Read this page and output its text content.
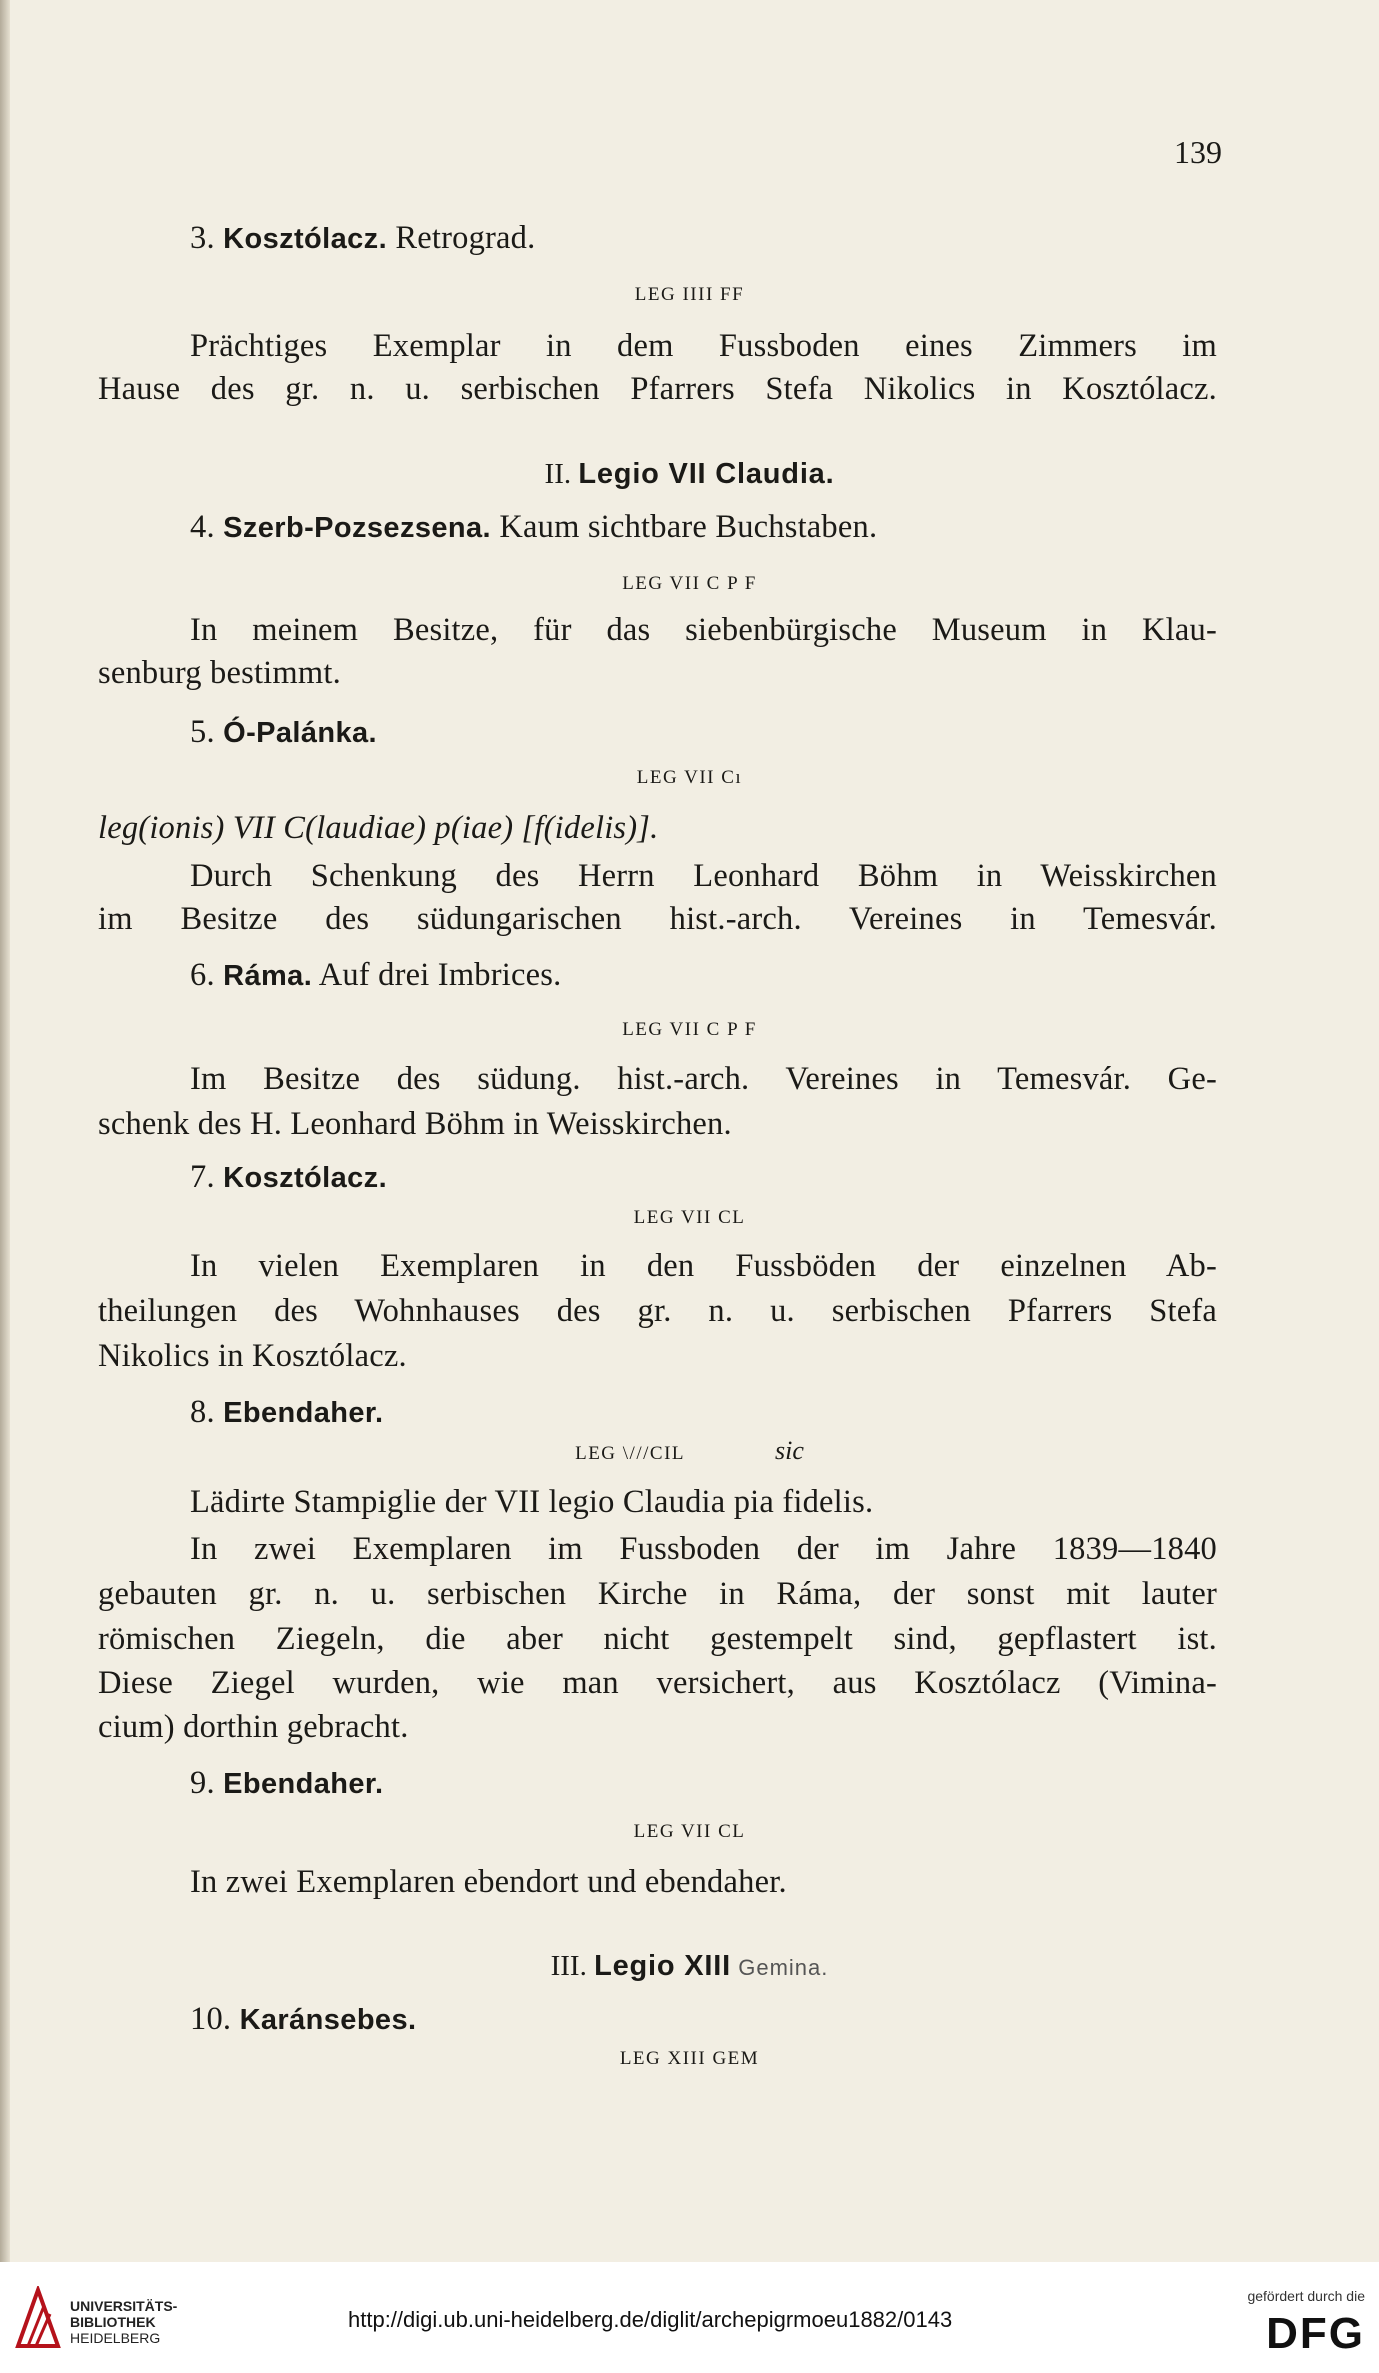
139
3. Kosztólacz. Retrograd.
LEG IIII FF
Prächtiges Exemplar in dem Fussboden eines Zimmers im
Hause des gr. n. u. serbischen Pfarrers Stefa Nikolics in Kosztólacz.
II. Legio VII Claudia.
4. Szerb-Pozsezsena. Kaum sichtbare Buchstaben.
LEG VII C P F
In meinem Besitze, für das siebenbürgische Museum in Klau-
senburg bestimmt.
5. Ó-Palánka.
LEG VII Cı
leg(ionis) VII C(laudiae) p(iae) [f(idelis)].
Durch Schenkung des Herrn Leonhard Böhm in Weisskirchen
im Besitze des südungarischen hist.-arch. Vereines in Temesvár.
6. Ráma. Auf drei Imbrices.
LEG VII C P F
Im Besitze des südung. hist.-arch. Vereines in Temesvár. Ge-
schenk des H. Leonhard Böhm in Weisskirchen.
7. Kosztólacz.
LEG VII CL
In vielen Exemplaren in den Fussböden der einzelnen Ab-
theilungen des Wohnhauses des gr. n. u. serbischen Pfarrers Stefa
Nikolics in Kosztólacz.
8. Ebendaher.
LEG \///CIL	sic
Lädirte Stampiglie der VII legio Claudia pia fidelis.
In zwei Exemplaren im Fussboden der im Jahre 1839—1840
gebauten gr. n. u. serbischen Kirche in Ráma, der sonst mit lauter
römischen Ziegeln, die aber nicht gestempelt sind, gepflastert ist.
Diese Ziegel wurden, wie man versichert, aus Kosztólacz (Vimina-
cium) dorthin gebracht.
9. Ebendaher.
LEG VII CL
In zwei Exemplaren ebendort und ebendaher.
III. Legio XIII Gemina.
10. Karánsebes.
LEG XIII GEM
UNIVERSITÄTS-
BIBLIOTHEK
HEIDELBERG
http://digi.ub.uni-heidelberg.de/diglit/archepigrmoeu1882/0143
gefördert durch die
DFG
